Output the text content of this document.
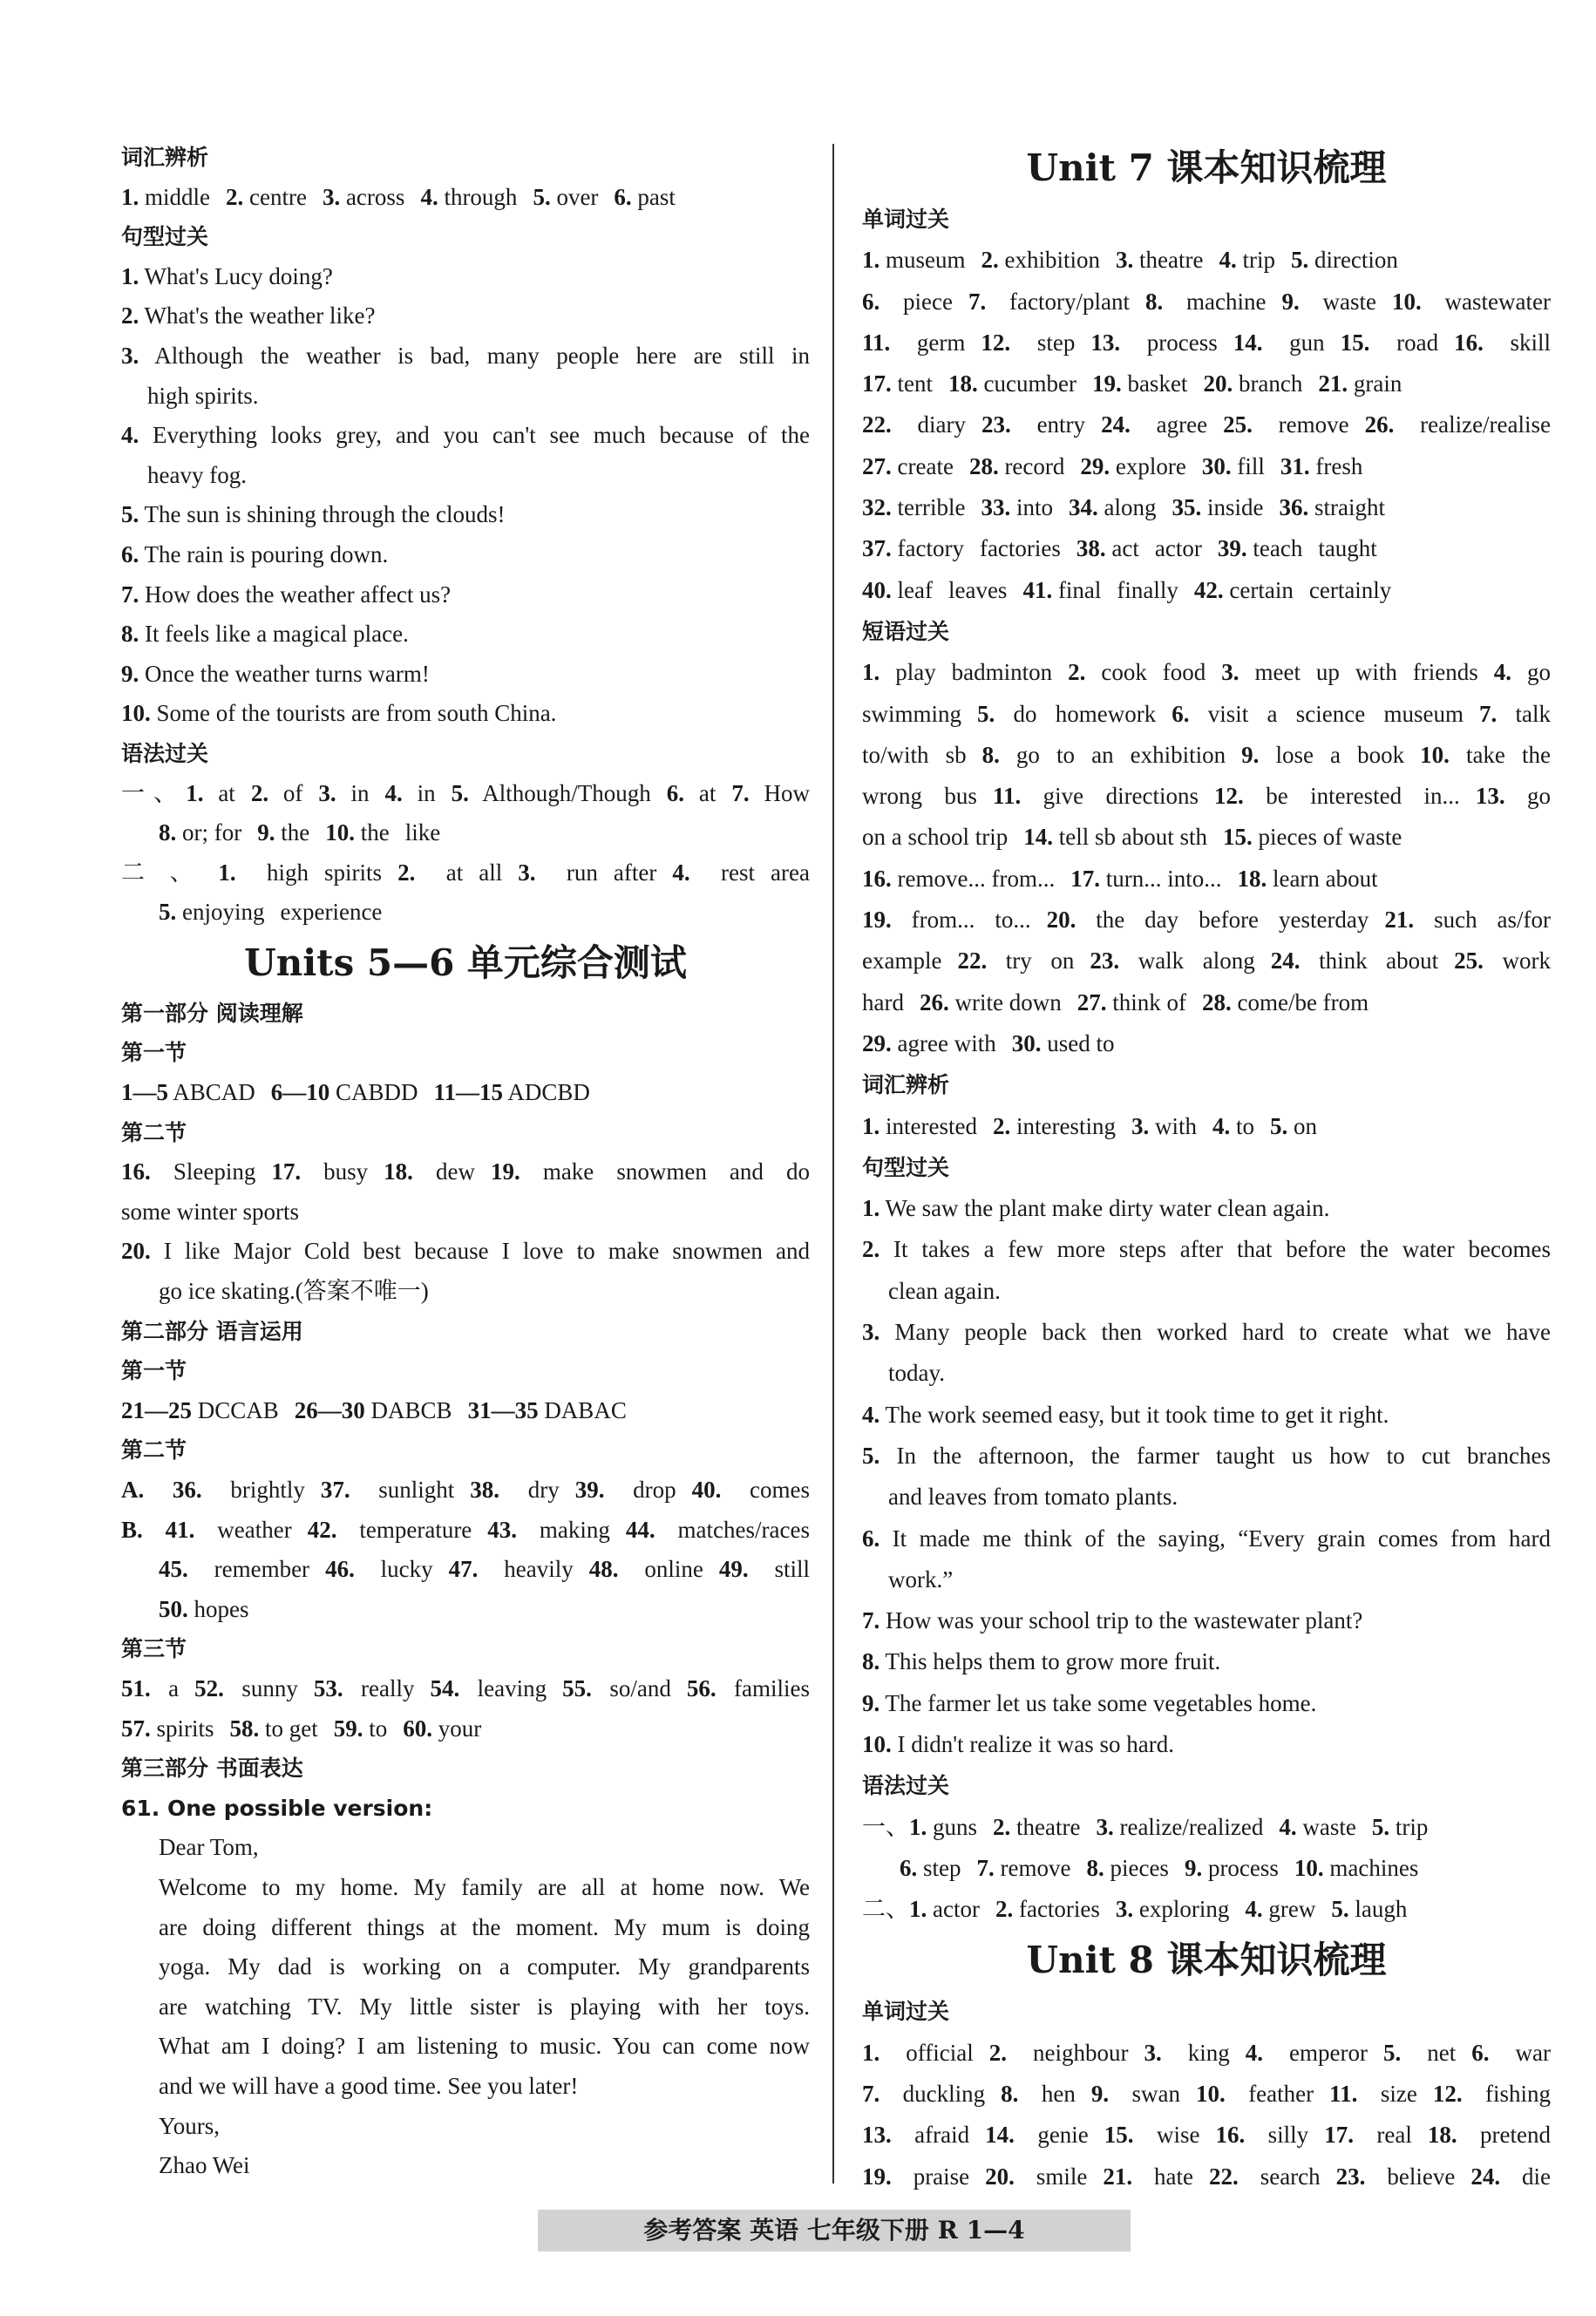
词汇辨析
1. middle 2. centre 3. across 4. through 5. over 6. past
句型过关
1. What's Lucy doing?
2. What's the weather like?
3. Although the weather is bad, many people here are still in
high spirits.
4. Everything looks grey, and you can't see much because of the
heavy fog.
5. The sun is shining through the clouds!
6. The rain is pouring down.
7. How does the weather affect us?
8. It feels like a magical place.
9. Once the weather turns warm!
10. Some of the tourists are from south China.
语法过关
一、1. at 2. of 3. in 4. in 5. Although/Though 6. at 7. How
8. or; for 9. the 10. the like
二、1. high spirits 2. at all 3. run after 4. rest area
5. enjoying experience
Units 5—6 单元综合测试
第一部分 阅读理解
第一节
1—5 ABCAD 6—10 CABDD 11—15 ADCBD
第二节
16. Sleeping 17. busy 18. dew 19. make snowmen and do
some winter sports
20. I like Major Cold best because I love to make snowmen and
go ice skating.(答案不唯一)
第二部分 语言运用
第一节
21—25 DCCAB 26—30 DABCB 31—35 DABAC
第二节
A. 36. brightly 37. sunlight 38. dry 39. drop 40. comes
B. 41. weather 42. temperature 43. making 44. matches/races
45. remember 46. lucky 47. heavily 48. online 49. still
50. hopes
第三节
51. a 52. sunny 53. really 54. leaving 55. so/and 56. families
57. spirits 58. to get 59. to 60. your
第三部分 书面表达
61. One possible version:
Dear Tom,
Welcome to my home. My family are all at home now. We
are doing different things at the moment. My mum is doing
yoga. My dad is working on a computer. My grandparents
are watching TV. My little sister is playing with her toys.
What am I doing? I am listening to music. You can come now
and we will have a good time. See you later!
Yours,
Zhao Wei
Unit 7 课本知识梳理
单词过关
1. museum 2. exhibition 3. theatre 4. trip 5. direction
6. piece 7. factory/plant 8. machine 9. waste 10. wastewater
11. germ 12. step 13. process 14. gun 15. road 16. skill
17. tent 18. cucumber 19. basket 20. branch 21. grain
22. diary 23. entry 24. agree 25. remove 26. realize/realise
27. create 28. record 29. explore 30. fill 31. fresh
32. terrible 33. into 34. along 35. inside 36. straight
37. factory factories 38. act actor 39. teach taught
40. leaf leaves 41. final finally 42. certain certainly
短语过关
1. play badminton 2. cook food 3. meet up with friends 4. go
swimming 5. do homework 6. visit a science museum 7. talk
to/with sb 8. go to an exhibition 9. lose a book 10. take the
wrong bus 11. give directions 12. be interested in... 13. go
on a school trip 14. tell sb about sth 15. pieces of waste
16. remove... from... 17. turn... into... 18. learn about
19. from... to... 20. the day before yesterday 21. such as/for
example 22. try on 23. walk along 24. think about 25. work
hard 26. write down 27. think of 28. come/be from
29. agree with 30. used to
词汇辨析
1. interested 2. interesting 3. with 4. to 5. on
句型过关
1. We saw the plant make dirty water clean again.
2. It takes a few more steps after that before the water becomes
clean again.
3. Many people back then worked hard to create what we have
today.
4. The work seemed easy, but it took time to get it right.
5. In the afternoon, the farmer taught us how to cut branches
and leaves from tomato plants.
6. It made me think of the saying, “Every grain comes from hard
work.”
7. How was your school trip to the wastewater plant?
8. This helps them to grow more fruit.
9. The farmer let us take some vegetables home.
10. I didn't realize it was so hard.
语法过关
一、1. guns 2. theatre 3. realize/realized 4. waste 5. trip
6. step 7. remove 8. pieces 9. process 10. machines
二、1. actor 2. factories 3. exploring 4. grew 5. laugh
Unit 8 课本知识梳理
单词过关
1. official 2. neighbour 3. king 4. emperor 5. net 6. war
7. duckling 8. hen 9. swan 10. feather 11. size 12. fishing
13. afraid 14. genie 15. wise 16. silly 17. real 18. pretend
19. praise 20. smile 21. hate 22. search 23. believe 24. die
参考答案 英语 七年级下册 R 1—4
